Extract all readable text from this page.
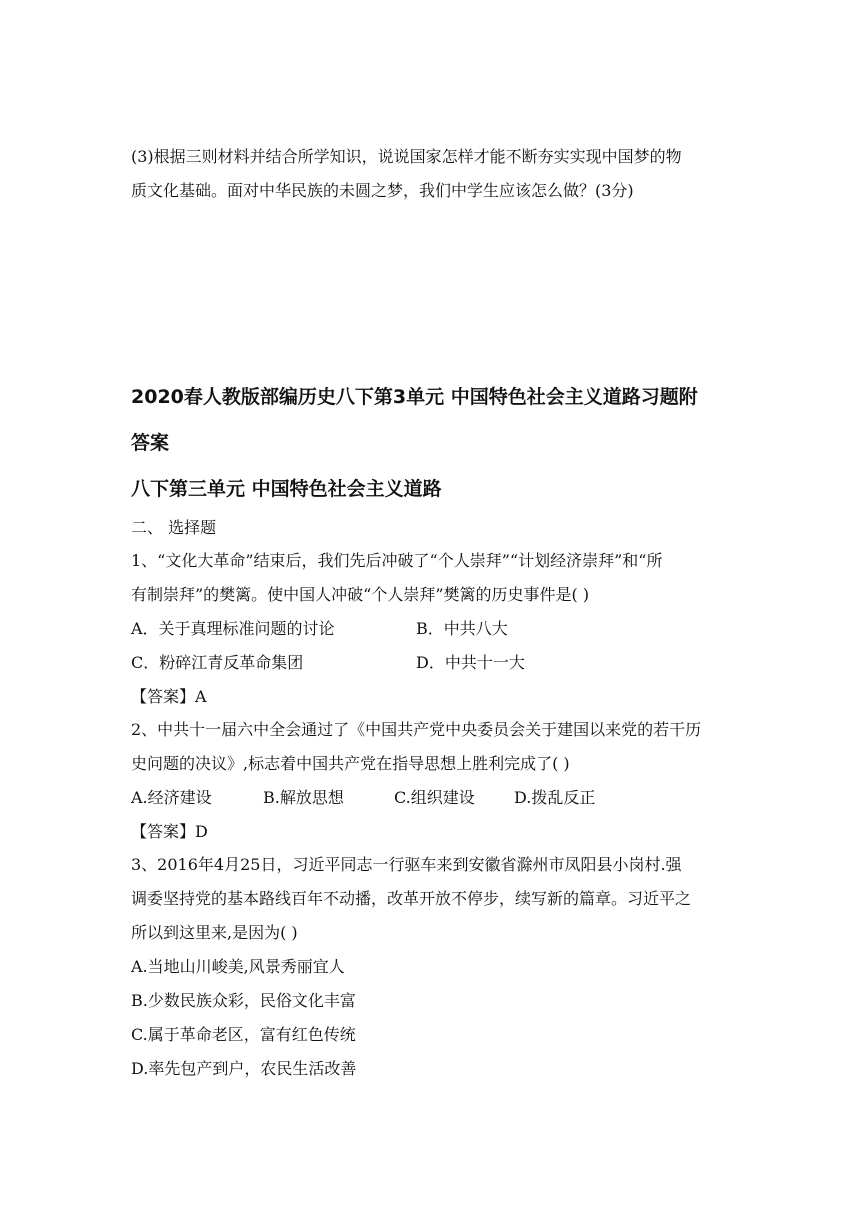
(3)根据三则材料并结合所学知识，说说国家怎样才能不断夯实实现中国梦的物
质文化基础。面对中华民族的未圆之梦，我们中学生应该怎么做？(3分)
2020春人教版部编历史八下第3单元 中国特色社会主义道路习题附
答案
八下第三单元 中国特色社会主义道路
二、 选择题
1、“文化大革命”结束后，我们先后冲破了“个人崇拜”“计划经济崇拜”和“所
有制崇拜”的樊篱。使中国人冲破“个人崇拜”樊篱的历史事件是( )
A．关于真理标准问题的讨论	B．中共八大
C．粉碎江青反革命集团	D．中共十一大
【答案】A
2、中共十一届六中全会通过了《中国共产党中央委员会关于建国以来党的若干历
史问题的决议》,标志着中国共产党在指导思想上胜利完成了( )
A.经济建设	B.解放思想	C.组织建设 D.拨乱反正
【答案】D
3、2016年4月25日，习近平同志一行驱车来到安徽省滁州市凤阳县小岗村.强
调委坚持党的基本路线百年不动播，改革开放不停步，续写新的篇章。习近平之
所以到这里来,是因为( )
A.当地山川峻美,风景秀丽宜人
B.少数民族众彩，民俗文化丰富
C.属于革命老区，富有红色传统
D.率先包产到户，农民生活改善
